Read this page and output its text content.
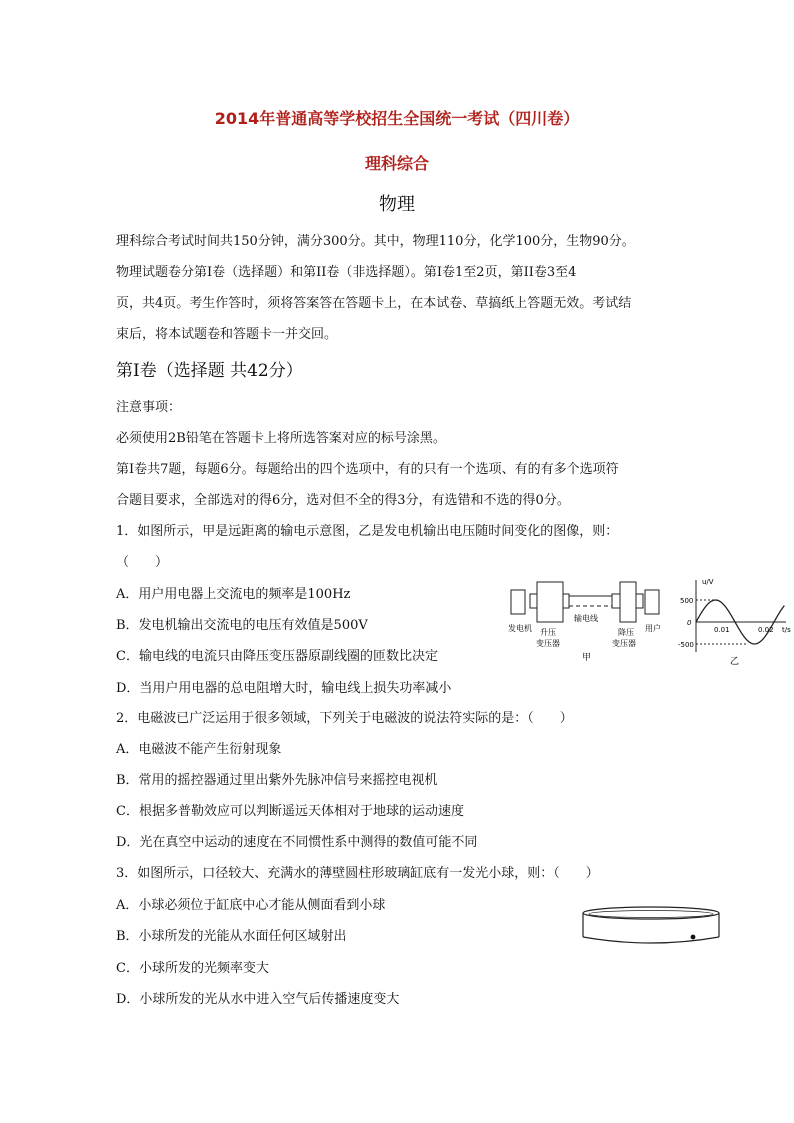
2014年普通高等学校招生全国统一考试（四川卷）
理科综合
物理
理科综合考试时间共150分钟，满分300分。其中，物理110分，化学100分，生物90分。
物理试题卷分第I卷（选择题）和第II卷（非选择题）。第I卷1至2页，第II卷3至4
页，共4页。考生作答时，须将答案答在答题卡上，在本试卷、草搞纸上答题无效。考试结
束后，将本试题卷和答题卡一并交回。
第I卷（选择题 共42分）
注意事项：
必须使用2B铅笔在答题卡上将所选答案对应的标号涂黑。
第I卷共7题，每题6分。每题给出的四个选项中，有的只有一个选项、有的有多个选项符
合题目要求，全部选对的得6分，选对但不全的得3分，有选错和不选的得0分。
1．如图所示，甲是远距离的输电示意图，乙是发电机输出电压随时间变化的图像，则：
（　　）
A．用户用电器上交流电的频率是100Hz
B．发电机输出交流电的电压有效值是500V
C．输电线的电流只由降压变压器原副线圈的匝数比决定
D．当用户用电器的总电阻增大时，输电线上损失功率减小
发电机 升压
变压器
输电线
降压
变压器
用户
甲
u/V
t/s
500
-500
0
0.01	0.02
乙
2．电磁波已广泛运用于很多领域，下列关于电磁波的说法符实际的是：（　　）
A．电磁波不能产生衍射现象
B．常用的摇控器通过里出紫外先脉冲信号来摇控电视机
C．根据多普勒效应可以判断遥远天体相对于地球的运动速度
D．光在真空中运动的速度在不同惯性系中测得的数值可能不同
3．如图所示，口径较大、充满水的薄壁圆柱形玻璃缸底有一发光小球，则：（　　）
A．小球必须位于缸底中心才能从侧面看到小球
B．小球所发的光能从水面任何区域射出
C．小球所发的光频率变大
D．小球所发的光从水中进入空气后传播速度变大
